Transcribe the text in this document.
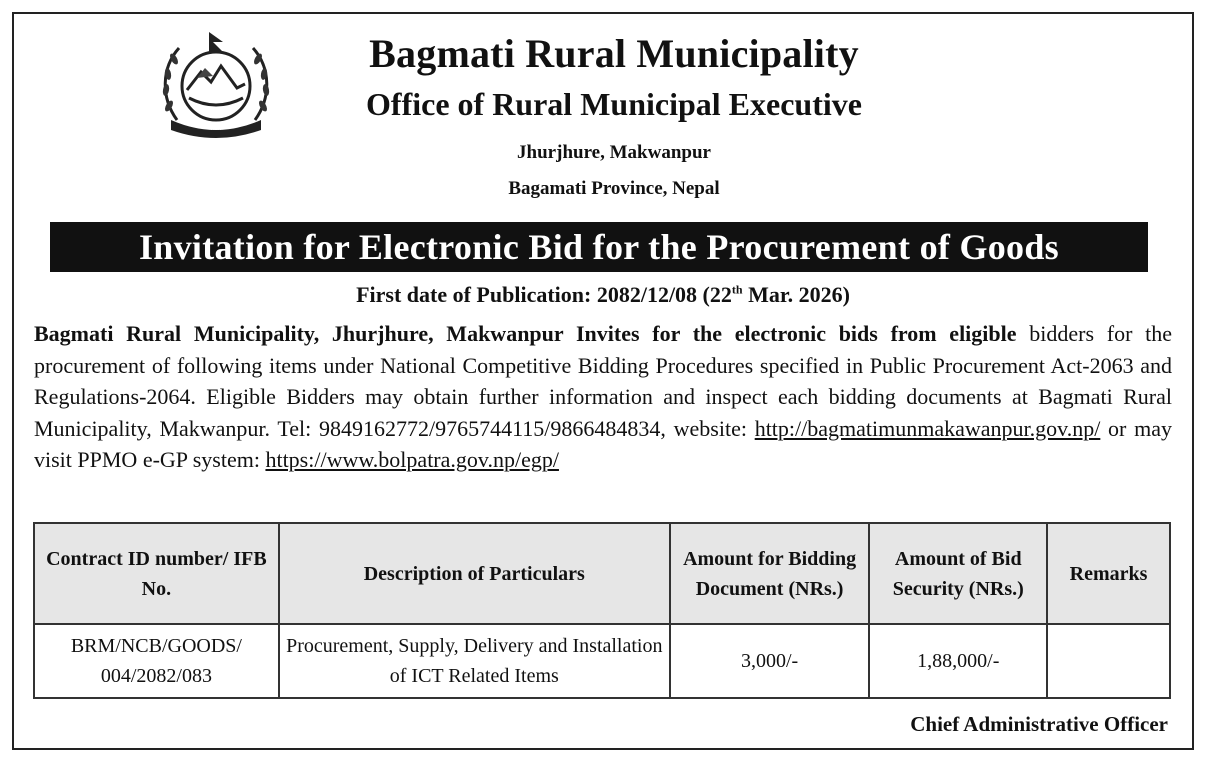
·····
Bagmati Rural Municipality
Office of Rural Municipal Executive
Jhurjhure, Makwanpur
Bagamati Province, Nepal
Invitation for Electronic Bid for the Procurement of Goods
First date of Publication: 2082/12/08 (22th Mar. 2026)
Bagmati Rural Municipality, Jhurjhure, Makwanpur Invites for the electronic bids from eligible bidders for the procurement of following items under National Competitive Bidding Procedures specified in Public Procurement Act-2063 and Regulations-2064. Eligible Bidders may obtain further information and inspect each bidding documents at Bagmati Rural Municipality, Makwanpur. Tel: 9849162772/9765744115/9866484834, website: http://bagmatimunmakawanpur.gov.np/ or may visit PPMO e-GP system: https://www.bolpatra.gov.np/egp/
Contract ID number/ IFB No.	Description of Particulars	Amount for Bidding Document (NRs.)	Amount of Bid Security (NRs.)	Remarks
BRM/NCB/GOODS/ 004/2082/083	Procurement, Supply, Delivery and Installation of ICT Related Items	3,000/-	1,88,000/-	
Chief Administrative Officer
